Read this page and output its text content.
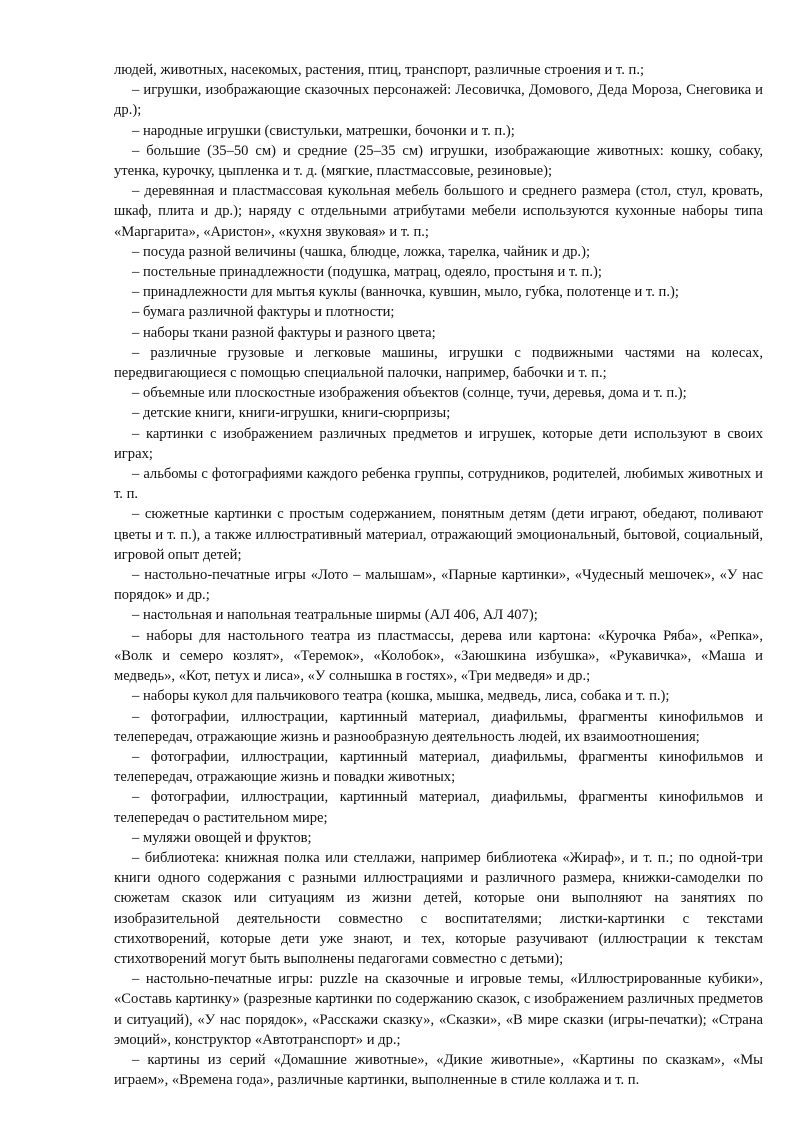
людей, животных, насекомых, растения, птиц, транспорт, различные строения и т. п.;

– игрушки, изображающие сказочных персонажей: Лесовичка, Домового, Деда Мороза, Снеговика и др.);

– народные игрушки (свистульки, матрешки, бочонки и т. п.);

– большие (35–50 см) и средние (25–35 см) игрушки, изображающие животных: кошку, собаку, утенка, курочку, цыпленка и т. д. (мягкие, пластмассовые, резиновые);

– деревянная и пластмассовая кукольная мебель большого и среднего размера (стол, стул, кровать, шкаф, плита и др.); наряду с отдельными атрибутами мебели используются кухонные наборы типа «Маргарита», «Аристон», «кухня звуковая» и т. п.;

– посуда разной величины (чашка, блюдце, ложка, тарелка, чайник и др.);

– постельные принадлежности (подушка, матрац, одеяло, простыня и т. п.);

– принадлежности для мытья куклы (ванночка, кувшин, мыло, губка, полотенце и т. п.);

– бумага различной фактуры и плотности;

– наборы ткани разной фактуры и разного цвета;

– различные грузовые и легковые машины, игрушки с подвижными частями на колесах, передвигающиеся с помощью специальной палочки, например, бабочки и т. п.;

– объемные или плоскостные изображения объектов (солнце, тучи, деревья, дома и т. п.);

– детские книги, книги-игрушки, книги-сюрпризы;

– картинки с изображением различных предметов и игрушек, которые дети используют в своих играх;

– альбомы с фотографиями каждого ребенка группы, сотрудников, родителей, любимых животных и т. п.

– сюжетные картинки с простым содержанием, понятным детям (дети играют, обедают, поливают цветы и т. п.), а также иллюстративный материал, отражающий эмоциональный, бытовой, социальный, игровой опыт детей;

– настольно-печатные игры «Лото – малышам», «Парные картинки», «Чудесный мешочек», «У нас порядок» и др.;

– настольная и напольная театральные ширмы (АЛ 406, АЛ 407);

– наборы для настольного театра из пластмассы, дерева или картона: «Курочка Ряба», «Репка», «Волк и семеро козлят», «Теремок», «Колобок», «Заюшкина избушка», «Рукавичка», «Маша и медведь», «Кот, петух и лиса», «У солнышка в гостях», «Три медведя» и др.;

– наборы кукол для пальчикового театра (кошка, мышка, медведь, лиса, собака и т. п.);

– фотографии, иллюстрации, картинный материал, диафильмы, фрагменты кинофильмов и телепередач, отражающие жизнь и разнообразную деятельность людей, их взаимоотношения;

– фотографии, иллюстрации, картинный материал, диафильмы, фрагменты кинофильмов и телепередач, отражающие жизнь и повадки животных;

– фотографии, иллюстрации, картинный материал, диафильмы, фрагменты кинофильмов и телепередач о растительном мире;

– муляжи овощей и фруктов;

– библиотека: книжная полка или стеллажи, например библиотека «Жираф», и т. п.; по одной-три книги одного содержания с разными иллюстрациями и различного размера, книжки-самоделки по сюжетам сказок или ситуациям из жизни детей, которые они выполняют на занятиях по изобразительной деятельности совместно с воспитателями; листки-картинки с текстами стихотворений, которые дети уже знают, и тех, которые разучивают (иллюстрации к текстам стихотворений могут быть выполнены педагогами совместно с детьми);

– настольно-печатные игры: puzzle на сказочные и игровые темы, «Иллюстрированные кубики», «Составь картинку» (разрезные картинки по содержанию сказок, с изображением различных предметов и ситуаций), «У нас порядок», «Расскажи сказку», «Сказки», «В мире сказки (игры-печатки); «Страна эмоций», конструктор «Автотранспорт» и др.;

– картины из серий «Домашние животные», «Дикие животные», «Картины по сказкам», «Мы играем», «Времена года», различные картинки, выполненные в стиле коллажа и т. п.
